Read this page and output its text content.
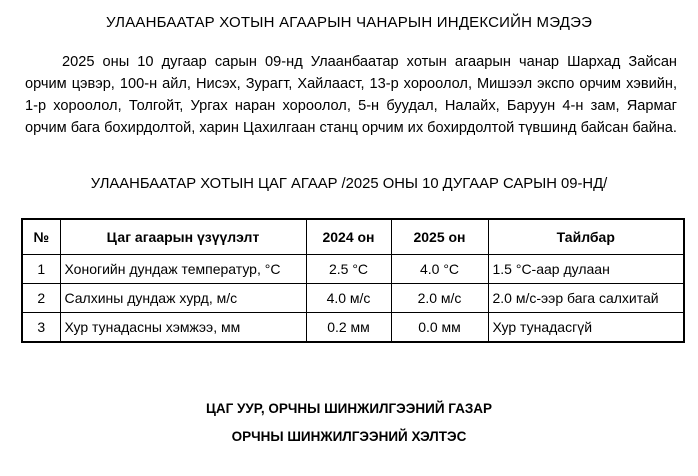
УЛААНБААТАР ХОТЫН АГААРЫН ЧАНАРЫН ИНДЕКСИЙН МЭДЭЭ

2025 оны 10 дугаар сарын 09-нд Улаанбаатар хотын агаарын чанар Шархад Зайсан орчим цэвэр, 100-н айл, Нисэх, Зурагт, Хайлааст, 13-р хороолол, Мишээл экспо орчим хэвийн, 1-р хороолол, Толгойт, Ургах наран хороолол, 5-н буудал, Налайх, Баруун 4-н зам, Яармаг орчим бага бохирдолтой, харин Цахилгаан станц орчим их бохирдолтой түвшинд байсан байна.

УЛААНБААТАР ХОТЫН ЦАГ АГААР /2025 ОНЫ 10 ДУГААР САРЫН 09-НД/
№	Цаг агаарын үзүүлэлт	2024 он	2025 он	Тайлбар
1	Хоногийн дундаж температур, °C	2.5 °C	4.0 °C	1.5 °C-аар дулаан
2	Салхины дундаж хурд, м/с	4.0 м/с	2.0 м/с	2.0 м/с-ээр бага салхитай
3	Хур тунадасны хэмжээ, мм	0.2 мм	0.0 мм	Хур тунадасгүй
ЦАГ УУР, ОРЧНЫ ШИНЖИЛГЭЭНИЙ ГАЗАР
ОРЧНЫ ШИНЖИЛГЭЭНИЙ ХЭЛТЭС
